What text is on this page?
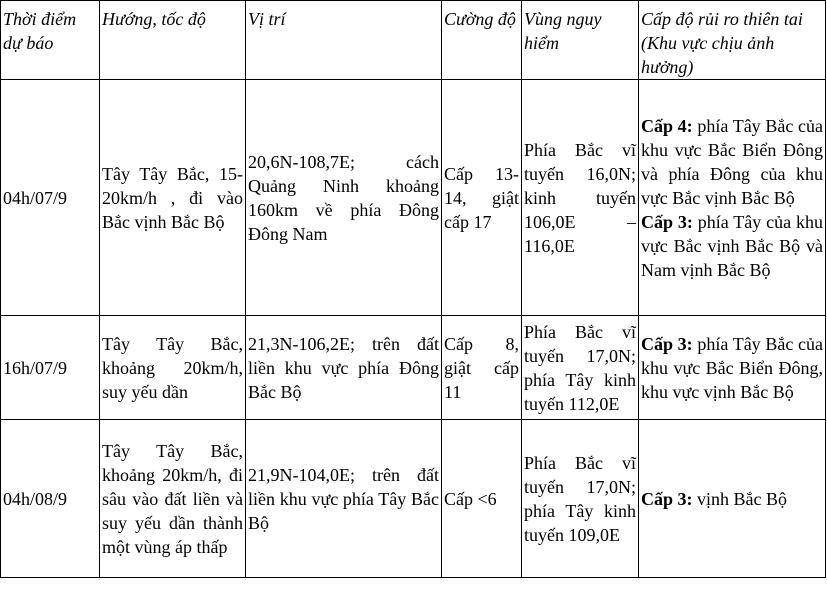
Thời điểm dự báo	Hướng, tốc độ	Vị trí	Cường độ	Vùng nguy hiểm	Cấp độ rủi ro thiên tai (Khu vực chịu ảnh hưởng)
04h/07/9	Tây Tây Bắc, 15-20km/h , đi vào Bắc vịnh Bắc Bộ	20,6N-108,7E; cách Quảng Ninh khoảng 160km về phía Đông Đông Nam	Cấp 13-14, giật cấp 17	Phía Bắc vĩ tuyến 16,0N; kinh tuyến 106,0E – 116,0E	Cấp 4: phía Tây Bắc của khu vực Bắc Biển Đông và phía Đông của khu vực Bắc vịnh Bắc Bộ
Cấp 3: phía Tây của khu vực Bắc vịnh Bắc Bộ và Nam vịnh Bắc Bộ

16h/07/9	Tây Tây Bắc, khoảng 20km/h, suy yếu dần	21,3N-106,2E; trên đất liền khu vực phía Đông Bắc Bộ	Cấp 8, giật cấp 11	Phía Bắc vĩ tuyến 17,0N; phía Tây kinh tuyến 112,0E	Cấp 3: phía Tây Bắc của khu vực Bắc Biển Đông, khu vực vịnh Bắc Bộ

04h/08/9	Tây Tây Bắc, khoảng 20km/h, đi sâu vào đất liền và suy yếu dần thành một vùng áp thấp	21,9N-104,0E; trên đất liền khu vực phía Tây Bắc Bộ	Cấp <6	Phía Bắc vĩ tuyến 17,0N; phía Tây kinh tuyến 109,0E	Cấp 3: vịnh Bắc Bộ
